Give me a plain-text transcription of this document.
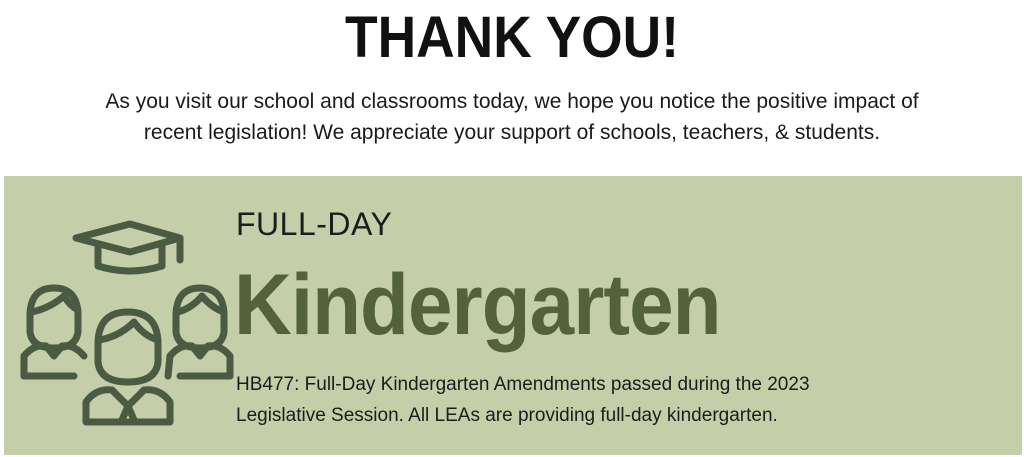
THANK YOU!
As you visit our school and classrooms today, we hope you notice the positive impact of
recent legislation! We appreciate your support of schools, teachers, & students.
FULL-DAY
Kindergarten
HB477: Full-Day Kindergarten Amendments passed during the 2023
Legislative Session. All LEAs are providing full-day kindergarten.
